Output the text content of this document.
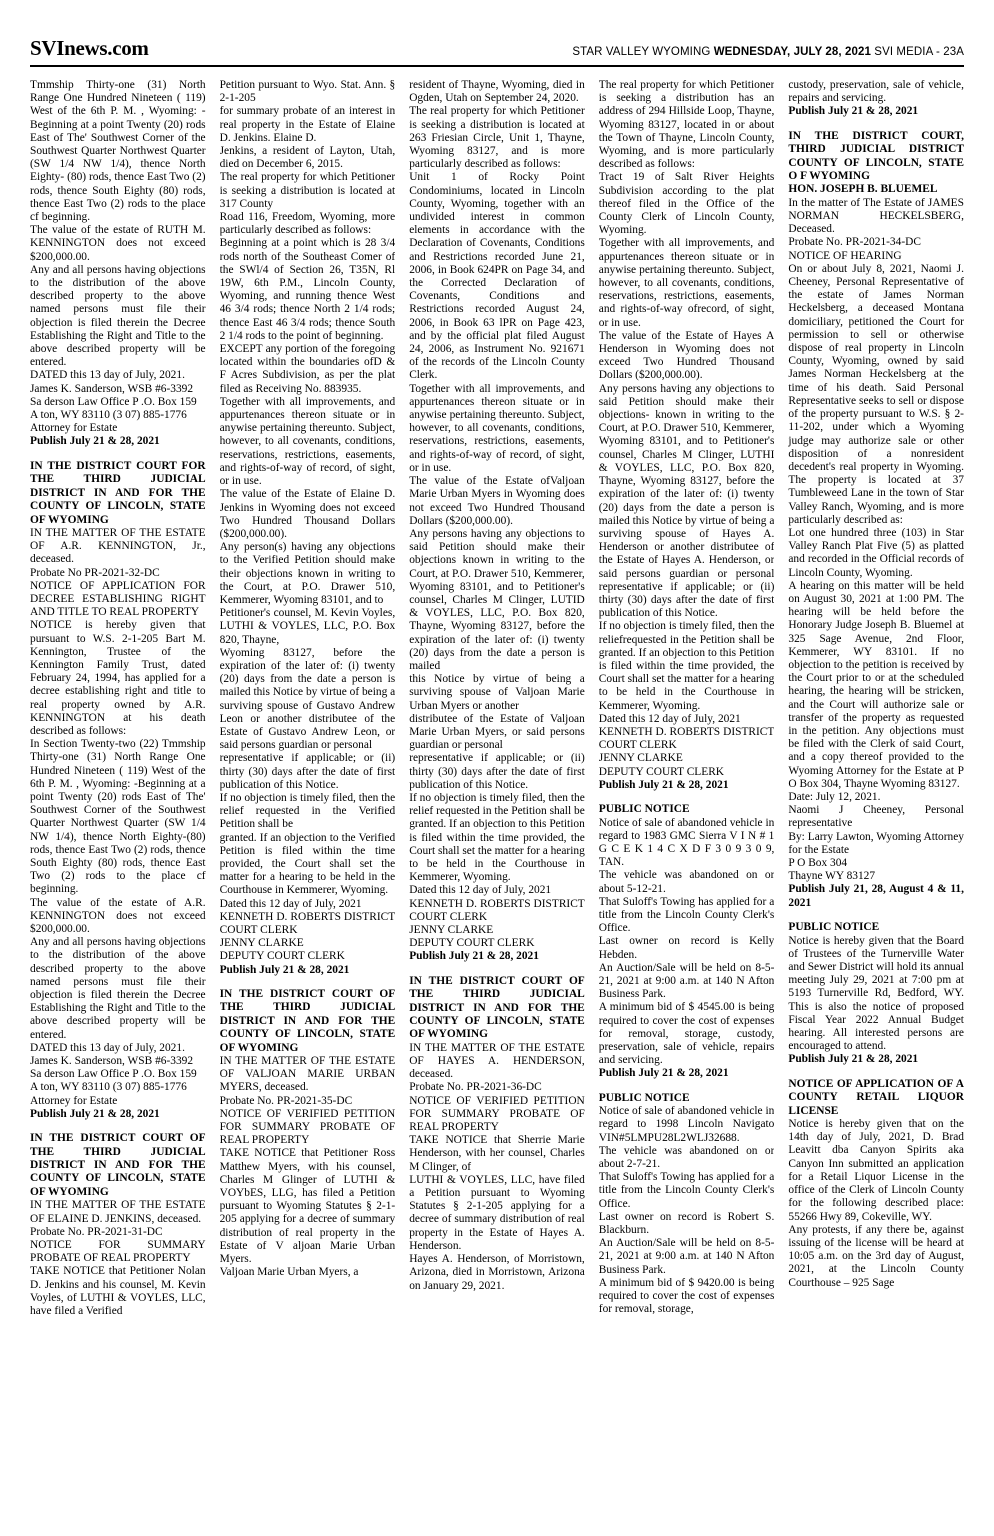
SVInews.com	STAR VALLEY WYOMING WEDNESDAY, JULY 28, 2021 SVI MEDIA - 23A

Tmmship Thirty-one (31) North Range One Hundred Nineteen ( 119) West of the 6th P. M. , Wyoming: -Beginning at a point Twenty (20) rods East of The' Southwest Corner of the Southwest Quarter Northwest Quarter (SW 1/4 NW 1/4), thence North Eighty- (80) rods, thence East Two (2) rods, thence South Eighty (80) rods, thence East Two (2) rods to the place cf beginning.

The value of the estate of RUTH M. KENNINGTON does not exceed $200,000.00.

Any and all persons having objections to the distribution of the above described property to the above named persons must file their objection is filed therein the Decree Establishing the Right and Title to the above described property will be entered.

DATED this 13 day of July, 2021.

James K. Sanderson, WSB #6-3392

Sa derson Law Office P .O. Box 159

A ton, WY 83110 (3 07) 885-1776

Attorney for Estate

Publish July 21 & 28, 2021

IN THE DISTRICT COURT FOR THE THIRD JUDICIAL DISTRICT IN AND FOR THE COUNTY OF LINCOLN, STATE OF WYOMING

IN THE MATTER OF THE ESTATE OF A.R. KENNINGTON, Jr., deceased.

Probate No PR-2021-32-DC

NOTICE OF APPLICATION FOR DECREE ESTABLISHING RIGHT AND TITLE TO REAL PROPERTY

NOTICE is hereby given that pursuant to W.S. 2-1-205 Bart M. Kennington, Trustee of the Kennington Family Trust, dated February 24, 1994, has applied for a decree establishing right and title to real property owned by A.R. KENNINGTON at his death described as follows:

In Section Twenty-two (22) Tmmship Thirty-one (31) North Range One Hundred Nineteen ( 119) West of the 6th P. M. , Wyoming: -Beginning at a point Twenty (20) rods East of The' Southwest Corner of the Southwest Quarter Northwest Quarter (SW 1/4 NW 1/4), thence North Eighty-(80) rods, thence East Two (2) rods, thence South Eighty (80) rods, thence East Two (2) rods to the place cf beginning.

The value of the estate of A.R. KENNINGTON does not exceed $200,000.00.

Any and all persons having objections to the distribution of the above described property to the above named persons must file their objection is filed therein the Decree Establishing the Right and Title to the above described property will be entered.

DATED this 13 day of July, 2021.

James K. Sanderson, WSB #6-3392

Sa derson Law Office P .O. Box 159

A ton, WY 83110 (3 07) 885-1776

Attorney for Estate

Publish July 21 & 28, 2021

IN THE DISTRICT COURT OF THE THIRD JUDICIAL DISTRICT IN AND FOR THE COUNTY OF LINCOLN, STATE OF WYOMING

IN THE MATTER OF THE ESTATE OF ELAINE D. JENKINS, deceased.

Probate No. PR-2021-31-DC

NOTICE FOR SUMMARY PROBATE OF REAL PROPERTY

TAKE NOTICE that Petitioner Nolan D. Jenkins and his counsel, M. Kevin Voyles, of LUTHI & VOYLES, LLC, have filed a Verified

Petition pursuant to Wyo. Stat. Ann. § 2-1-205

for summary probate of an interest in real property in the Estate of Elaine D. Jenkins. Elaine D.

Jenkins, a resident of Layton, Utah, died on December 6, 2015.

The real property for which Petitioner is seeking a distribution is located at 317 County

Road 116, Freedom, Wyoming, more particularly described as follows:

Beginning at a point which is 28 3/4 rods north of the Southeast Comer of the SWl/4 of Section 26, T35N, Rl 19W, 6th P.M., Lincoln County, Wyoming, and running thence West 46 3/4 rods; thence North 2 1/4 rods; thence East 46 3/4 rods; thence South 2 1/4 rods to the point of beginning.

EXCEPT any portion of the foregoing located within the boundaries ofD & F Acres Subdivision, as per the plat filed as Receiving No. 883935.

Together with all improvements, and appurtenances thereon situate or in anywise pertaining thereunto. Subject, however, to all covenants, conditions, reservations, restrictions, easements, and rights-of-way of record, of sight, or in use.

The value of the Estate of Elaine D. Jenkins in Wyoming does not exceed Two Hundred Thousand Dollars ($200,000.00).

Any person(s) having any objections to the Verified Petition should make their objections known in writing to the Court, at P.O. Drawer 510, Kemmerer, Wyoming 83101, and to

Petitioner's counsel, M. Kevin Voyles, LUTHI & VOYLES, LLC, P.O. Box 820, Thayne,

Wyoming 83127, before the expiration of the later of: (i) twenty (20) days from the date a person is mailed this Notice by virtue of being a surviving spouse of Gustavo Andrew Leon or another distributee of the Estate of Gustavo Andrew Leon, or said persons guardian or personal

representative if applicable; or (ii) thirty (30) days after the date of first publication of this Notice.

If no objection is timely filed, then the relief requested in the Verified Petition shall be

granted. If an objection to the Verified Petition is filed within the time provided, the Court shall set the matter for a hearing to be held in the Courthouse in Kemmerer, Wyoming.

Dated this 12 day of July, 2021

KENNETH D. ROBERTS DISTRICT COURT CLERK

JENNY CLARKE

DEPUTY COURT CLERK

Publish July 21 & 28, 2021

IN THE DISTRICT COURT OF THE THIRD JUDICIAL DISTRICT IN AND FOR THE COUNTY OF LINCOLN, STATE OF WYOMING

IN THE MATTER OF THE ESTATE OF VALJOAN MARIE URBAN MYERS, deceased.

Probate No. PR-2021-35-DC

NOTICE OF VERIFIED PETITION FOR SUMMARY PROBATE OF REAL PROPERTY

TAKE NOTICE that Petitioner Ross Matthew Myers, with his counsel, Charles M Glinger of LUTHI & VOYbES, LLG, has filed a Petition pursuant to Wyoming Statutes § 2-1- 205 applying for a decree of summary distribution of real property in the Estate of V aljoan Marie Urban Myers.

Valjoan Marie Urban Myers, a

resident of Thayne, Wyoming, died in Ogden, Utah on September 24, 2020.

The real property for which Petitioner is seeking a distribution is located at 263 Friesian Circle, Unit 1, Thayne, Wyoming 83127, and is more particularly described as follows:

Unit 1 of Rocky Point Condominiums, located in Lincoln County, Wyoming, together with an undivided interest in common elements in accordance with the Declaration of Covenants, Conditions and Restrictions recorded June 21, 2006, in Book 624PR on Page 34, and the Corrected Declaration of Covenants, Conditions and Restrictions recorded August 24, 2006, in Book 63 lPR on Page 423, and by the official plat filed August 24, 2006, as Instrument No. 921671 of the records of the Lincoln County Clerk.

Together with all improvements, and appurtenances thereon situate or in anywise pertaining thereunto. Subject, however, to all covenants, conditions, reservations, restrictions, easements, and rights-of-way of record, of sight, or in use.

The value of the Estate ofValjoan Marie Urban Myers in Wyoming does not exceed Two Hundred Thousand Dollars ($200,000.00).

Any persons having any objections to said Petition should make their objections known in writing to the Court, at P.O. Drawer 510, Kemmerer, Wyoming 83101, and to Petitioner's counsel, Charles M Clinger, LUTID & VOYLES, LLC, P.O. Box 820, Thayne, Wyoming 83127, before the expiration of the later of: (i) twenty (20) days from the date a person is mailed

this Notice by virtue of being a surviving spouse of Valjoan Marie Urban Myers or another

distributee of the Estate of Valjoan Marie Urban Myers, or said persons guardian or personal

representative if applicable; or (ii) thirty (30) days after the date of first publication of this Notice.

If no objection is timely filed, then the relief requested in the Petition shall be granted. If an objection to this Petition is filed within the time provided, the Court shall set the matter for a hearing to be held in the Courthouse in Kemmerer, Wyoming.

Dated this 12 day of July, 2021

KENNETH D. ROBERTS DISTRICT COURT CLERK

JENNY CLARKE

DEPUTY COURT CLERK

Publish July 21 & 28, 2021

IN THE DISTRICT COURT OF THE THIRD JUDICIAL DISTRICT IN AND FOR THE COUNTY OF LINCOLN, STATE OF WYOMING

IN THE MATTER OF THE ESTATE OF HAYES A. HENDERSON, deceased.

Probate No. PR-2021-36-DC

NOTICE OF VERIFIED PETITION FOR SUMMARY PROBATE OF REAL PROPERTY

TAKE NOTICE that Sherrie Marie Henderson, with her counsel, Charles M Clinger, of

LUTHI & VOYLES, LLC, have filed a Petition pursuant to Wyoming Statutes § 2-1-205 applying for a decree of summary distribution of real property in the Estate of Hayes A. Henderson.

Hayes A. Henderson, of Morristown, Arizona, died in Morristown, Arizona on January 29, 2021.

The real property for which Petitioner is seeking a distribution has an address of 294 Hillside Loop, Thayne, Wyoming 83127, located in or about the Town of Thayne, Lincoln County, Wyoming, and is more particularly described as follows:

Tract 19 of Salt River Heights Subdivision according to the plat thereof filed in the Office of the County Clerk of Lincoln County, Wyoming.

Together with all improvements, and appurtenances thereon situate or in anywise pertaining thereunto. Subject, however, to all covenants, conditions, reservations, restrictions, easements, and rights-of-way ofrecord, of sight, or in use.

The value of the Estate of Hayes A Henderson in Wyoming does not exceed Two Hundred Thousand Dollars ($200,000.00).

Any persons having any objections to said Petition should make their objections- known in writing to the Court, at P.O. Drawer 510, Kemmerer, Wyoming 83101, and to Petitioner's counsel, Charles M Clinger, LUTHI & VOYLES, LLC, P.O. Box 820, Thayne, Wyoming 83127, before the expiration of the later of: (i) twenty (20) days from the date a person is mailed this Notice by virtue of being a surviving spouse of Hayes A. Henderson or another distributee of the Estate of Hayes A. Henderson, or said persons guardian or personal representative if applicable; or (ii) thirty (30) days after the date of first publication of this Notice.

If no objection is timely filed, then the reliefrequested in the Petition shall be granted. If an objection to this Petition is filed within the time provided, the Court shall set the matter for a hearing to be held in the Courthouse in Kemmerer, Wyoming.

Dated this 12 day of July, 2021

KENNETH D. ROBERTS DISTRICT COURT CLERK

JENNY CLARKE

DEPUTY COURT CLERK

Publish July 21 & 28, 2021

PUBLIC NOTICE

Notice of sale of abandoned vehicle in regard to 1983 GMC Sierra V I N # 1 G C E K 1 4 C X D F 3 0 9 3 0 9, TAN.

The vehicle was abandoned on or about 5-12-21.

That Suloff's Towing has applied for a title from the Lincoln County Clerk's Office.

Last owner on record is Kelly Hebden.

An Auction/Sale will be held on 8-5-21, 2021 at 9:00 a.m. at 140 N Afton Business Park.

A minimum bid of $ 4545.00 is being required to cover the cost of expenses for removal, storage, custody, preservation, sale of vehicle, repairs and servicing.

Publish July 21 & 28, 2021

PUBLIC NOTICE

Notice of sale of abandoned vehicle in regard to 1998 Lincoln Navigato VIN#5LMPU28L2WLJ32688.

The vehicle was abandoned on or about 2-7-21.

That Suloff's Towing has applied for a title from the Lincoln County Clerk's Office.

Last owner on record is Robert S. Blackburn.

An Auction/Sale will be held on 8-5-21, 2021 at 9:00 a.m. at 140 N Afton Business Park.

A minimum bid of $ 9420.00 is being required to cover the cost of expenses for removal, storage,

custody, preservation, sale of vehicle, repairs and servicing.

Publish July 21 & 28, 2021

IN THE DISTRICT COURT, THIRD JUDICIAL DISTRICT COUNTY OF LINCOLN, STATE O F WYOMING

HON. JOSEPH B. BLUEMEL

In the matter of The Estate of JAMES NORMAN HECKELSBERG, Deceased.

Probate No. PR-2021-34-DC

NOTICE OF HEARING

On or about July 8, 2021, Naomi J. Cheeney, Personal Representative of the estate of James Norman Heckelsberg, a deceased Montana domiciliary, petitioned the Court for permission to sell or otherwise dispose of real property in Lincoln County, Wyoming, owned by said James Norman Heckelsberg at the time of his death. Said Personal Representative seeks to sell or dispose of the property pursuant to W.S. § 2-11-202, under which a Wyoming judge may authorize sale or other disposition of a nonresident decedent's real property in Wyoming. The property is located at 37 Tumbleweed Lane in the town of Star Valley Ranch, Wyoming, and is more particularly described as:

Lot one hundred three (103) in Star Valley Ranch Plat Five (5) as platted and recorded in the Official records of Lincoln County, Wyoming.

A hearing on this matter will be held on August 30, 2021 at 1:00 PM. The hearing will be held before the Honorary Judge Joseph B. Bluemel at 325 Sage Avenue, 2nd Floor, Kemmerer, WY 83101. If no objection to the petition is received by the Court prior to or at the scheduled hearing, the hearing will be stricken, and the Court will authorize sale or transfer of the property as requested in the petition. Any objections must be filed with the Clerk of said Court, and a copy thereof provided to the Wyoming Attorney for the Estate at P O Box 304, Thayne Wyoming 83127.

Date: July 12, 2021.

Naomi J Cheeney, Personal representative

By: Larry Lawton, Wyoming Attorney for the Estate

P O Box 304

Thayne WY 83127

Publish July 21, 28, August 4 & 11, 2021

PUBLIC NOTICE

Notice is hereby given that the Board of Trustees of the Turnerville Water and Sewer District will hold its annual meeting July 29, 2021 at 7:00 pm at 5193 Turnerville Rd, Bedford, WY. This is also the notice of proposed Fiscal Year 2022 Annual Budget hearing. All interested persons are encouraged to attend.

Publish July 21 & 28, 2021

NOTICE OF APPLICATION OF A COUNTY RETAIL LIQUOR LICENSE

Notice is hereby given that on the 14th day of July, 2021, D. Brad Leavitt dba Canyon Spirits aka Canyon Inn submitted an application for a Retail Liquor License in the office of the Clerk of Lincoln County for the following described place: 55266 Hwy 89, Cokeville, WY.

Any protests, if any there be, against issuing of the license will be heard at 10:05 a.m. on the 3rd day of August, 2021, at the Lincoln County Courthouse – 925 Sage
